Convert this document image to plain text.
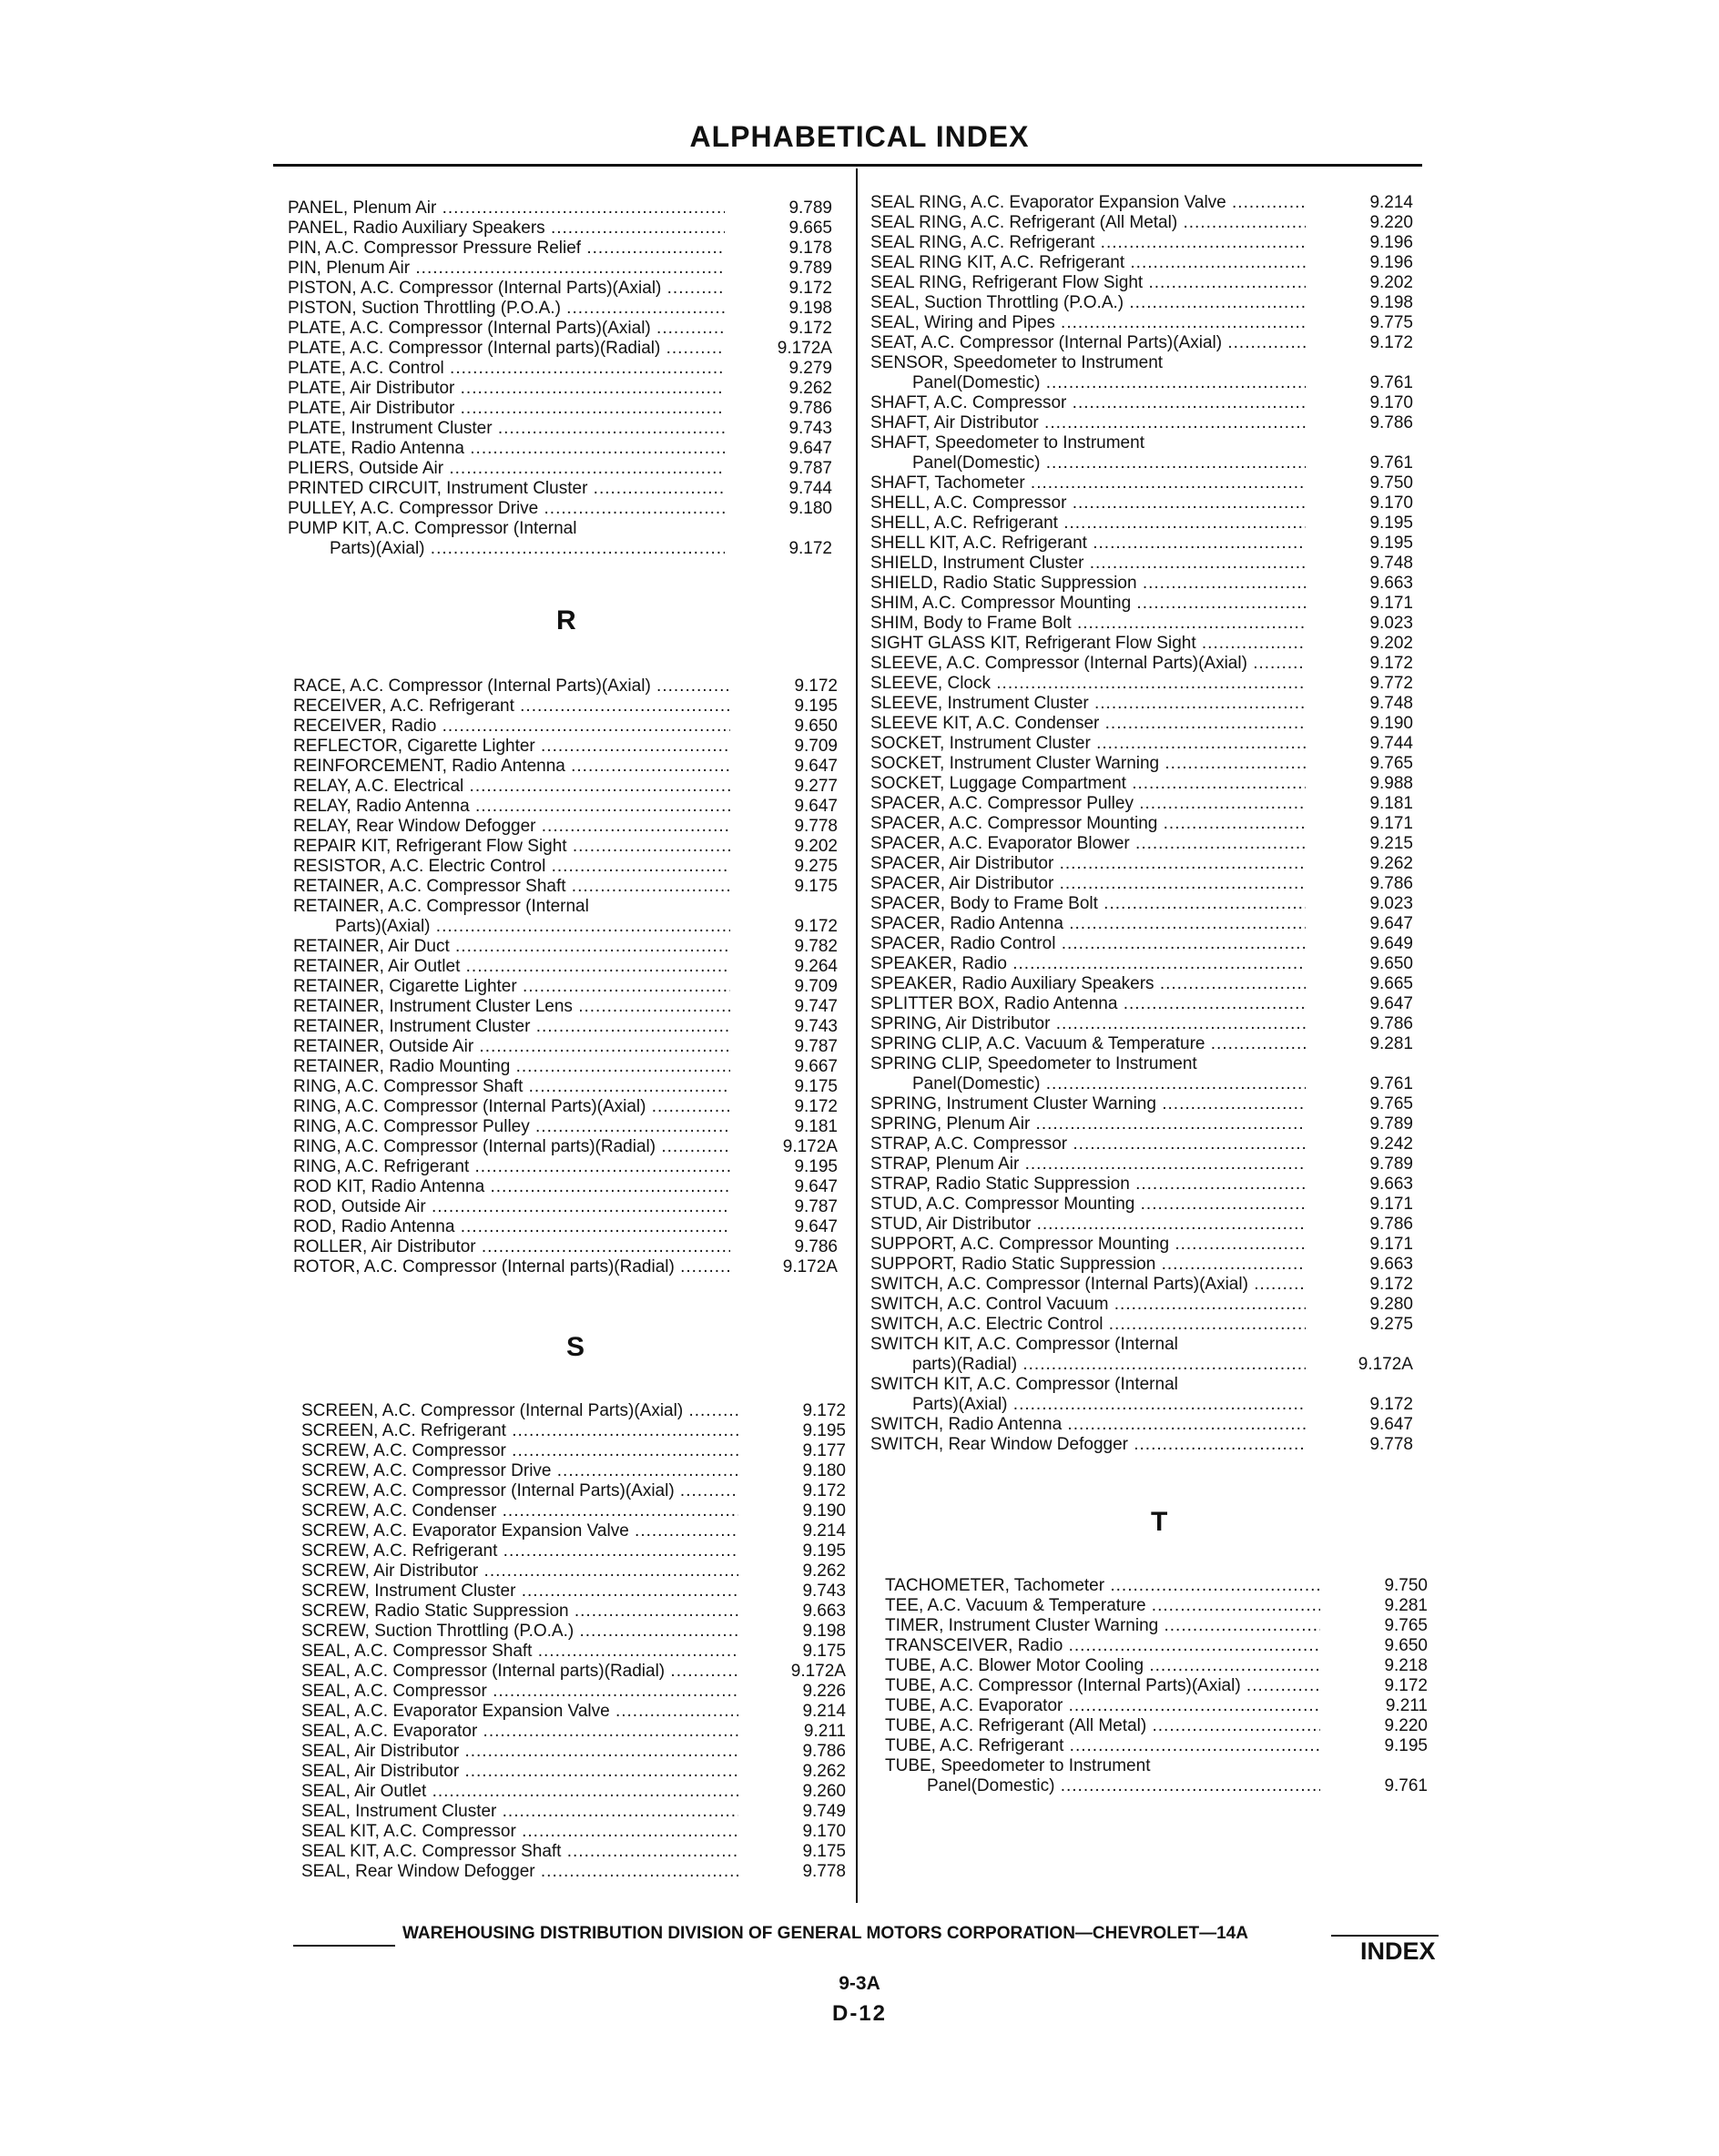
ALPHABETICAL INDEX
PANEL, Plenum Air .....	9.789
PANEL, Radio Auxiliary Speakers .....	9.665
PIN, A.C. Compressor Pressure Relief .....	9.178
PIN, Plenum Air .....	9.789
PISTON, A.C. Compressor (Internal Parts)(Axial) .....	9.172
PISTON, Suction Throttling (P.O.A.) .....	9.198
PLATE, A.C. Compressor (Internal Parts)(Axial) .....	9.172
PLATE, A.C. Compressor (Internal parts)(Radial) .....	9.172A
PLATE, A.C. Control .....	9.279
PLATE, Air Distributor .....	9.262
PLATE, Air Distributor .....	9.786
PLATE, Instrument Cluster .....	9.743
PLATE, Radio Antenna .....	9.647
PLIERS, Outside Air .....	9.787
PRINTED CIRCUIT, Instrument Cluster .....	9.744
PULLEY, A.C. Compressor Drive .....	9.180
PUMP KIT, A.C. Compressor (Internal
Parts)(Axial) .....	9.172
R
RACE, A.C. Compressor (Internal Parts)(Axial) .....	9.172
RECEIVER, A.C. Refrigerant .....	9.195
RECEIVER, Radio .....	9.650
REFLECTOR, Cigarette Lighter .....	9.709
REINFORCEMENT, Radio Antenna .....	9.647
RELAY, A.C. Electrical .....	9.277
RELAY, Radio Antenna .....	9.647
RELAY, Rear Window Defogger .....	9.778
REPAIR KIT, Refrigerant Flow Sight .....	9.202
RESISTOR, A.C. Electric Control .....	9.275
RETAINER, A.C. Compressor Shaft .....	9.175
RETAINER, A.C. Compressor (Internal
Parts)(Axial) .....	9.172
RETAINER, Air Duct .....	9.782
RETAINER, Air Outlet .....	9.264
RETAINER, Cigarette Lighter .....	9.709
RETAINER, Instrument Cluster Lens .....	9.747
RETAINER, Instrument Cluster .....	9.743
RETAINER, Outside Air .....	9.787
RETAINER, Radio Mounting .....	9.667
RING, A.C. Compressor Shaft .....	9.175
RING, A.C. Compressor (Internal Parts)(Axial) .....	9.172
RING, A.C. Compressor Pulley .....	9.181
RING, A.C. Compressor (Internal parts)(Radial) .....	9.172A
RING, A.C. Refrigerant .....	9.195
ROD KIT, Radio Antenna .....	9.647
ROD, Outside Air .....	9.787
ROD, Radio Antenna .....	9.647
ROLLER, Air Distributor .....	9.786
ROTOR, A.C. Compressor (Internal parts)(Radial) .....	9.172A
S
SCREEN, A.C. Compressor (Internal Parts)(Axial) .....	9.172
SCREEN, A.C. Refrigerant .....	9.195
SCREW, A.C. Compressor .....	9.177
SCREW, A.C. Compressor Drive .....	9.180
SCREW, A.C. Compressor (Internal Parts)(Axial) .....	9.172
SCREW, A.C. Condenser .....	9.190
SCREW, A.C. Evaporator Expansion Valve .....	9.214
SCREW, A.C. Refrigerant .....	9.195
SCREW, Air Distributor .....	9.262
SCREW, Instrument Cluster .....	9.743
SCREW, Radio Static Suppression .....	9.663
SCREW, Suction Throttling (P.O.A.) .....	9.198
SEAL, A.C. Compressor Shaft .....	9.175
SEAL, A.C. Compressor (Internal parts)(Radial) .....	9.172A
SEAL, A.C. Compressor .....	9.226
SEAL, A.C. Evaporator Expansion Valve .....	9.214
SEAL, A.C. Evaporator .....	9.211
SEAL, Air Distributor .....	9.786
SEAL, Air Distributor .....	9.262
SEAL, Air Outlet .....	9.260
SEAL, Instrument Cluster .....	9.749
SEAL KIT, A.C. Compressor .....	9.170
SEAL KIT, A.C. Compressor Shaft .....	9.175
SEAL, Rear Window Defogger .....	9.778
SEAL RING, A.C. Evaporator Expansion Valve .....	9.214
SEAL RING, A.C. Refrigerant (All Metal) .....	9.220
SEAL RING, A.C. Refrigerant .....	9.196
SEAL RING KIT, A.C. Refrigerant .....	9.196
SEAL RING, Refrigerant Flow Sight .....	9.202
SEAL, Suction Throttling (P.O.A.) .....	9.198
SEAL, Wiring and Pipes .....	9.775
SEAT, A.C. Compressor (Internal Parts)(Axial) .....	9.172
SENSOR, Speedometer to Instrument
Panel(Domestic) .....	9.761
SHAFT, A.C. Compressor .....	9.170
SHAFT, Air Distributor .....	9.786
SHAFT, Speedometer to Instrument
Panel(Domestic) .....	9.761
SHAFT, Tachometer .....	9.750
SHELL, A.C. Compressor .....	9.170
SHELL, A.C. Refrigerant .....	9.195
SHELL KIT, A.C. Refrigerant .....	9.195
SHIELD, Instrument Cluster .....	9.748
SHIELD, Radio Static Suppression .....	9.663
SHIM, A.C. Compressor Mounting .....	9.171
SHIM, Body to Frame Bolt .....	9.023
SIGHT GLASS KIT, Refrigerant Flow Sight .....	9.202
SLEEVE, A.C. Compressor (Internal Parts)(Axial) .....	9.172
SLEEVE, Clock .....	9.772
SLEEVE, Instrument Cluster .....	9.748
SLEEVE KIT, A.C. Condenser .....	9.190
SOCKET, Instrument Cluster .....	9.744
SOCKET, Instrument Cluster Warning .....	9.765
SOCKET, Luggage Compartment .....	9.988
SPACER, A.C. Compressor Pulley .....	9.181
SPACER, A.C. Compressor Mounting .....	9.171
SPACER, A.C. Evaporator Blower .....	9.215
SPACER, Air Distributor .....	9.262
SPACER, Air Distributor .....	9.786
SPACER, Body to Frame Bolt .....	9.023
SPACER, Radio Antenna .....	9.647
SPACER, Radio Control .....	9.649
SPEAKER, Radio .....	9.650
SPEAKER, Radio Auxiliary Speakers .....	9.665
SPLITTER BOX, Radio Antenna .....	9.647
SPRING, Air Distributor .....	9.786
SPRING CLIP, A.C. Vacuum & Temperature .....	9.281
SPRING CLIP, Speedometer to Instrument
Panel(Domestic) .....	9.761
SPRING, Instrument Cluster Warning .....	9.765
SPRING, Plenum Air .....	9.789
STRAP, A.C. Compressor .....	9.242
STRAP, Plenum Air .....	9.789
STRAP, Radio Static Suppression .....	9.663
STUD, A.C. Compressor Mounting .....	9.171
STUD, Air Distributor .....	9.786
SUPPORT, A.C. Compressor Mounting .....	9.171
SUPPORT, Radio Static Suppression .....	9.663
SWITCH, A.C. Compressor (Internal Parts)(Axial) .....	9.172
SWITCH, A.C. Control Vacuum .....	9.280
SWITCH, A.C. Electric Control .....	9.275
SWITCH KIT, A.C. Compressor (Internal
parts)(Radial) .....	9.172A
SWITCH KIT, A.C. Compressor (Internal
Parts)(Axial) .....	9.172
SWITCH, Radio Antenna .....	9.647
SWITCH, Rear Window Defogger .....	9.778
T
TACHOMETER, Tachometer .....	9.750
TEE, A.C. Vacuum & Temperature .....	9.281
TIMER, Instrument Cluster Warning .....	9.765
TRANSCEIVER, Radio .....	9.650
TUBE, A.C. Blower Motor Cooling .....	9.218
TUBE, A.C. Compressor (Internal Parts)(Axial) .....	9.172
TUBE, A.C. Evaporator .....	9.211
TUBE, A.C. Refrigerant (All Metal) .....	9.220
TUBE, A.C. Refrigerant .....	9.195
TUBE, Speedometer to Instrument
Panel(Domestic) .....	9.761
WAREHOUSING DISTRIBUTION DIVISION OF GENERAL MOTORS CORPORATION—CHEVROLET—14A
INDEX
9-3A
D-12
